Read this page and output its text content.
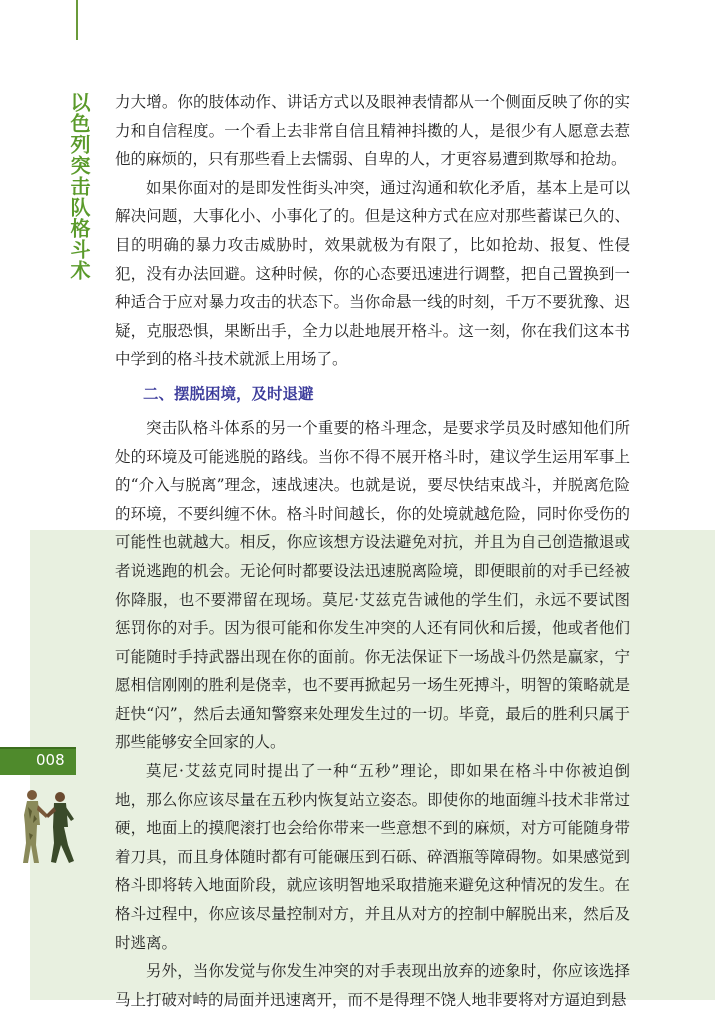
以色列突击队格斗术
008

力大增。你的肢体动作、讲话方式以及眼神表情都从一个侧面反映了你的实力和自信程度。一个看上去非常自信且精神抖擞的人，是很少有人愿意去惹他的麻烦的，只有那些看上去懦弱、自卑的人，才更容易遭到欺辱和抢劫。

如果你面对的是即发性街头冲突，通过沟通和软化矛盾，基本上是可以解决问题，大事化小、小事化了的。但是这种方式在应对那些蓄谋已久的、目的明确的暴力攻击威胁时，效果就极为有限了，比如抢劫、报复、性侵犯，没有办法回避。这种时候，你的心态要迅速进行调整，把自己置换到一种适合于应对暴力攻击的状态下。当你命悬一线的时刻，千万不要犹豫、迟疑，克服恐惧，果断出手，全力以赴地展开格斗。这一刻，你在我们这本书中学到的格斗技术就派上用场了。

二、摆脱困境，及时退避

突击队格斗体系的另一个重要的格斗理念，是要求学员及时感知他们所处的环境及可能逃脱的路线。当你不得不展开格斗时，建议学生运用军事上的“介入与脱离”理念，速战速决。也就是说，要尽快结束战斗，并脱离危险的环境，不要纠缠不休。格斗时间越长，你的处境就越危险，同时你受伤的可能性也就越大。相反，你应该想方设法避免对抗，并且为自己创造撤退或者说逃跑的机会。无论何时都要设法迅速脱离险境，即便眼前的对手已经被你降服，也不要滞留在现场。莫尼·艾兹克告诫他的学生们，永远不要试图惩罚你的对手。因为很可能和你发生冲突的人还有同伙和后援，他或者他们可能随时手持武器出现在你的面前。你无法保证下一场战斗仍然是赢家，宁愿相信刚刚的胜利是侥幸，也不要再掀起另一场生死搏斗，明智的策略就是赶快“闪”，然后去通知警察来处理发生过的一切。毕竟，最后的胜利只属于那些能够安全回家的人。

莫尼·艾兹克同时提出了一种“五秒”理论，即如果在格斗中你被迫倒地，那么你应该尽量在五秒内恢复站立姿态。即使你的地面缠斗技术非常过硬，地面上的摸爬滚打也会给你带来一些意想不到的麻烦，对方可能随身带着刀具，而且身体随时都有可能碾压到石砾、碎酒瓶等障碍物。如果感觉到格斗即将转入地面阶段，就应该明智地采取措施来避免这种情况的发生。在格斗过程中，你应该尽量控制对方，并且从对方的控制中解脱出来，然后及时逃离。

另外，当你发觉与你发生冲突的对手表现出放弃的迹象时，你应该选择马上打破对峙的局面并迅速离开，而不是得理不饶人地非要将对方逼迫到悬
